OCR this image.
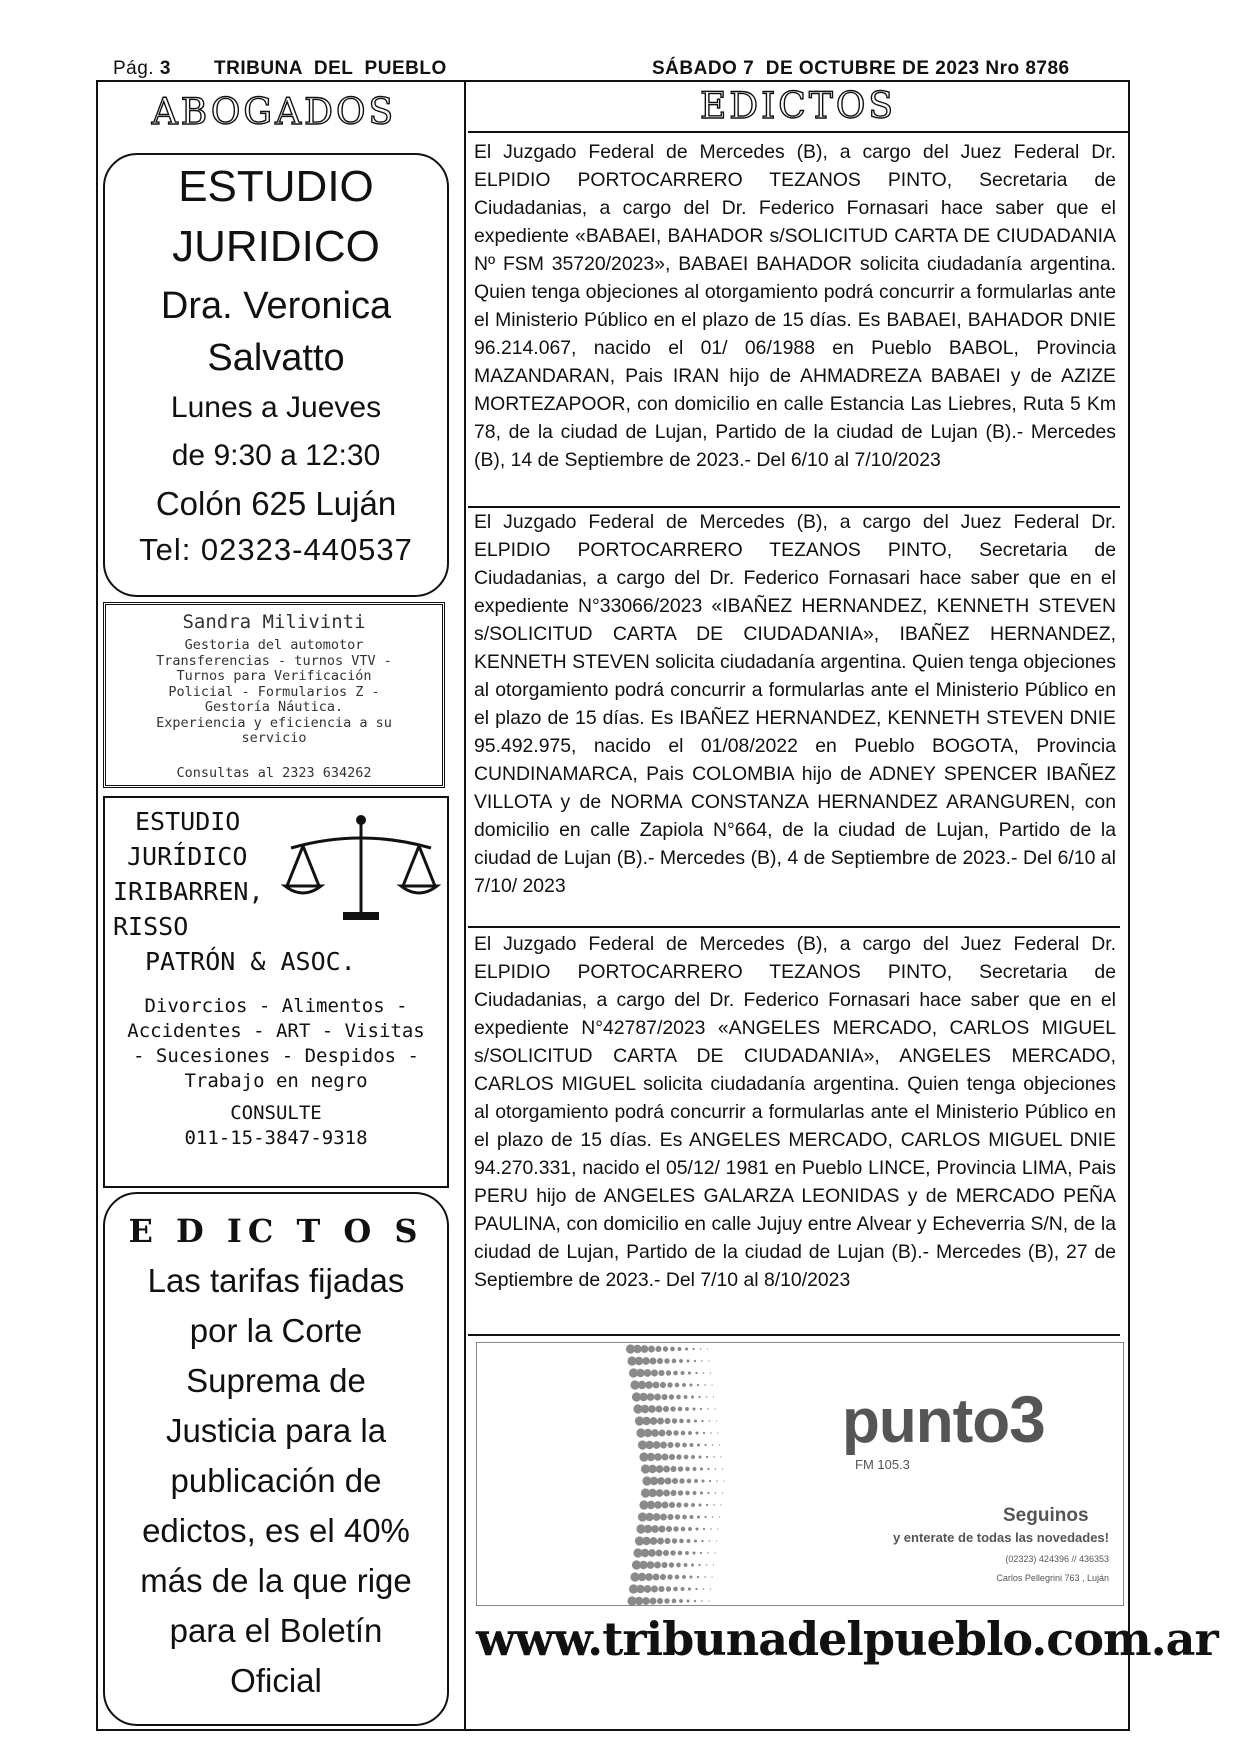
Pág. 3 TRIBUNA  DEL  PUEBLO	SÁBADO 7  DE OCTUBRE DE 2023 Nro 8786
ABOGADOS
ESTUDIO
JURIDICO
Dra. Veronica
Salvatto
Lunes a Jueves
de 9:30 a 12:30
Colón 625 Luján
Tel: 02323-440537
Sandra Milivinti
Gestoria del automotor
Transferencias - turnos VTV -
Turnos para Verificación
Policial - Formularios Z -
Gestoría Náutica.
Experiencia y eficiencia a su
servicio
Consultas al 2323 634262
ESTUDIO
JURÍDICO
IRIBARREN,
RISSO
PATRÓN & ASOC.
Divorcios - Alimentos -
Accidentes - ART - Visitas
- Sucesiones - Despidos -
Trabajo en negro
CONSULTE
011-15-3847-9318
E D IC T O S
Las tarifas fijadas
por la Corte
Suprema de
Justicia para la
publicación de
edictos, es el 40%
más de la que rige
para el Boletín
Oficial
EDICTOS
El Juzgado Federal de Mercedes (B), a cargo del Juez Federal Dr. ELPIDIO PORTOCARRERO TEZANOS PINTO, Secretaria de Ciudadanias, a cargo del Dr. Federico Fornasari hace saber que el expediente «BABAEI, BAHADOR s/SOLICITUD CARTA DE CIUDADANIA Nº FSM 35720/2023», BABAEI BAHADOR solicita ciudadanía argentina. Quien tenga objeciones al otorgamiento podrá concurrir a formularlas ante el Ministerio Público en el plazo de 15 días. Es BABAEI, BAHADOR DNIE 96.214.067, nacido el 01/ 06/1988 en Pueblo BABOL, Provincia MAZANDARAN, Pais IRAN hijo de AHMADREZA BABAEI y de AZIZE MORTEZAPOOR, con domicilio en calle Estancia Las Liebres, Ruta 5 Km 78, de la ciudad de Lujan, Partido de la ciudad de Lujan (B).- Mercedes (B), 14 de Septiembre de 2023.- Del 6/10 al 7/10/2023
El Juzgado Federal de Mercedes (B), a cargo del Juez Federal Dr. ELPIDIO PORTOCARRERO TEZANOS PINTO, Secretaria de Ciudadanias, a cargo del Dr. Federico Fornasari hace saber que en el expediente N°33066/2023 «IBAÑEZ HERNANDEZ, KENNETH STEVEN s/SOLICITUD CARTA DE CIUDADANIA», IBAÑEZ HERNANDEZ, KENNETH STEVEN solicita ciudadanía argentina. Quien tenga objeciones al otorgamiento podrá concurrir a formularlas ante el Ministerio Público en el plazo de 15 días. Es IBAÑEZ HERNANDEZ, KENNETH STEVEN DNIE 95.492.975, nacido el 01/08/2022 en Pueblo BOGOTA, Provincia CUNDINAMARCA, Pais COLOMBIA hijo de ADNEY SPENCER IBAÑEZ VILLOTA y de NORMA CONSTANZA HERNANDEZ ARANGUREN, con domicilio en calle Zapiola N°664, de la ciudad de Lujan, Partido de la ciudad de Lujan (B).- Mercedes (B), 4 de Septiembre de 2023.- Del 6/10 al 7/10/ 2023
El Juzgado Federal de Mercedes (B), a cargo del Juez Federal Dr. ELPIDIO PORTOCARRERO TEZANOS PINTO, Secretaria de Ciudadanias, a cargo del Dr. Federico Fornasari hace saber que en el expediente N°42787/2023 «ANGELES MERCADO, CARLOS MIGUEL s/SOLICITUD CARTA DE CIUDADANIA», ANGELES MERCADO, CARLOS MIGUEL solicita ciudadanía argentina. Quien tenga objeciones al otorgamiento podrá concurrir a formularlas ante el Ministerio Público en el plazo de 15 días. Es ANGELES MERCADO, CARLOS MIGUEL DNIE 94.270.331, nacido el 05/12/ 1981 en Pueblo LINCE, Provincia LIMA, Pais PERU hijo de ANGELES GALARZA LEONIDAS y de MERCADO PEÑA PAULINA, con domicilio en calle Jujuy entre Alvear y Echeverria S/N, de la ciudad de Lujan, Partido de la ciudad de Lujan (B).- Mercedes (B), 27 de Septiembre de 2023.- Del 7/10 al 8/10/2023
punto3
FM 105.3
Seguinos
y enterate de todas las novedades!
(02323) 424396 // 436353
Carlos Pellegrini 763 , Luján
www.tribunadelpueblo.com.ar
